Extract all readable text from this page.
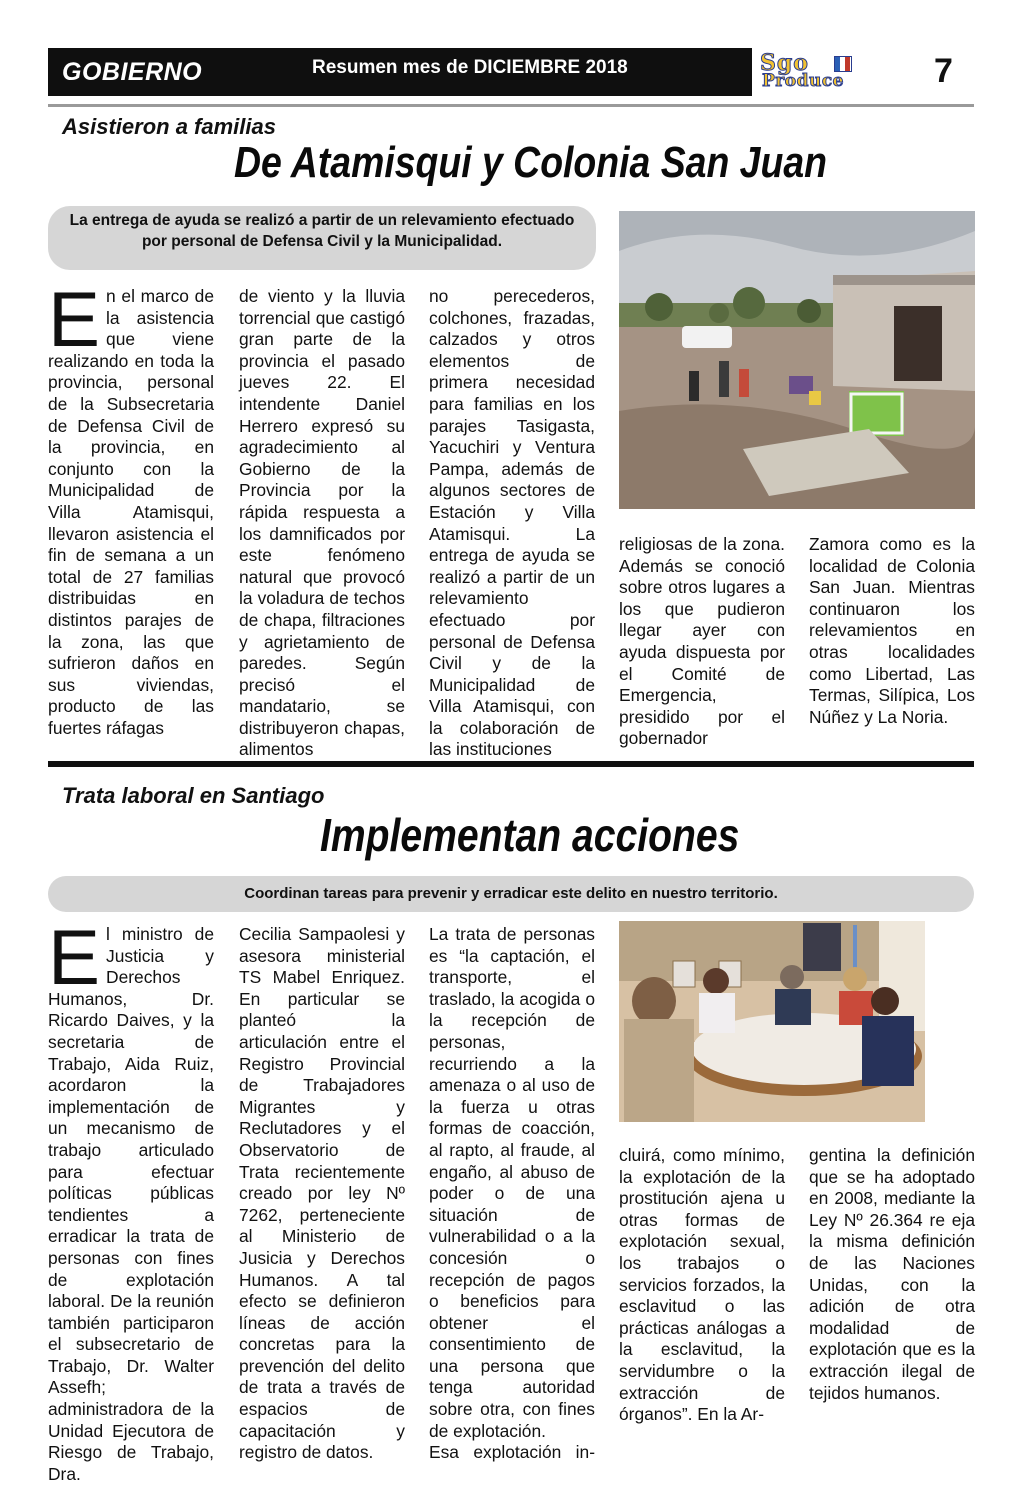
GOBIERNO	Resumen mes de DICIEMBRE 2018	Sgo
Produce	7
Asistieron a familias
De Atamisqui y Colonia San Juan
La entrega de ayuda se realizó a partir de un relevamiento efectuado por personal de Defensa Civil y la Municipalidad.

En el marco de la asistencia que viene realizando en toda la provincia, personal de la Subsecretaria de Defensa Civil de la provincia, en conjunto con la Municipalidad de Villa Atamisqui, llevaron asistencia el fin de semana a un total de 27 familias distribuidas en distintos parajes de la zona, las que sufrieron daños en sus viviendas, producto de las fuertes ráfagas

de viento y la lluvia torrencial que castigó gran parte de la provincia el pasado jueves 22. El intendente Daniel Herrero expresó su agradecimiento al Gobierno de la Provincia por la rápida respuesta a los damnificados por este fenómeno natural que provocó la voladura de techos de chapa, filtraciones y agrietamiento de paredes. Según precisó el mandatario, se distribuyeron chapas, alimentos

no perecederos, colchones, frazadas, calzados y otros elementos de primera necesidad para familias en los parajes Tasigasta, Yacuchiri y Ventura Pampa, además de algunos sectores de Estación y Villa Atamisqui. La entrega de ayuda se realizó a partir de un relevamiento efectuado por personal de Defensa Civil y de la Municipalidad de Villa Atamisqui, con la colaboración de las instituciones

religiosas de la zona. Además se conoció sobre otros lugares a los que pudieron llegar ayer con ayuda dispuesta por el Comité de Emergencia, presidido por el gobernador

Zamora como es la localidad de Colonia San Juan. Mientras continuaron los relevamientos en otras localidades como Libertad, Las Termas, Silípica, Los Núñez y La Noria.

Trata laboral en Santiago
Implementan acciones
Coordinan tareas para prevenir y erradicar este delito en nuestro territorio.

El ministro de Justicia y Derechos Humanos, Dr. Ricardo Daives, y la secretaria de Trabajo, Aida Ruiz, acordaron la implementación de un mecanismo de trabajo articulado para efectuar políticas públicas tendientes a erradicar la trata de personas con fines de explotación laboral. De la reunión también participaron el subsecretario de Trabajo, Dr. Walter Assefh; administradora de la Unidad Ejecutora de Riesgo de Trabajo, Dra.

Cecilia Sampaolesi y asesora ministerial TS Mabel Enriquez. En particular se planteó la articulación entre el Registro Provincial de Trabajadores Migrantes y Reclutadores y el Observatorio de Trata recientemente creado por ley Nº 7262, perteneciente al Ministerio de Jusicia y Derechos Humanos. A tal efecto se definieron líneas de acción concretas para la prevención del delito de trata a través de espacios de capacitación y registro de datos.

La trata de personas es “la captación, el transporte, el traslado, la acogida o la recepción de personas, recurriendo a la amenaza o al uso de la fuerza u otras formas de coacción, al rapto, al fraude, al engaño, al abuso de poder o de una situación de vulnerabilidad o a la concesión o recepción de pagos o beneficios para obtener el consentimiento de una persona que tenga autoridad sobre otra, con fines de explotación.
Esa explotación in-

cluirá, como mínimo, la explotación de la prostitución ajena u otras formas de explotación sexual, los trabajos o servicios forzados, la esclavitud o las prácticas análogas a la esclavitud, la servidumbre o la extracción de órganos”. En la Ar-

gentina la definición que se ha adoptado en 2008, mediante la Ley Nº 26.364 re eja la misma definición de las Naciones Unidas, con la adición de otra modalidad de explotación que es la extracción ilegal de tejidos humanos.
